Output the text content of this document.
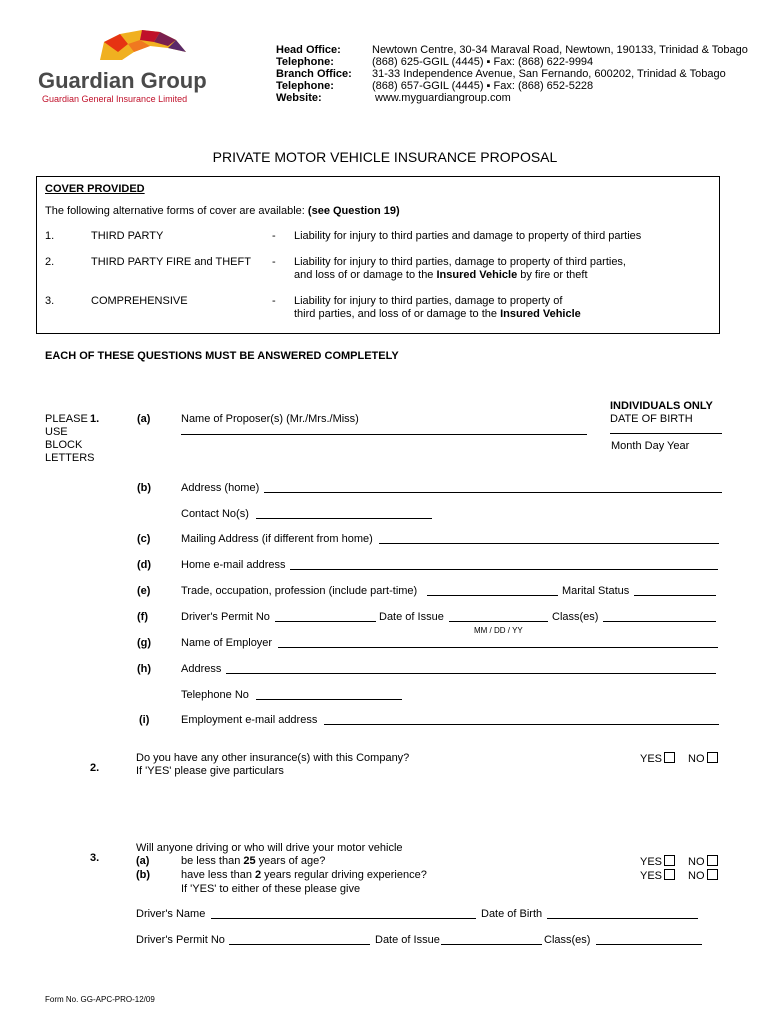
Guardian Group
Guardian General Insurance Limited
Head Office:	Newtown Centre, 30-34 Maraval Road, Newtown, 190133, Trinidad & Tobago
Telephone:	(868) 625-GGIL (4445) ▪ Fax: (868) 622-9994
Branch Office: 31-33 Independence Avenue, San Fernando, 600202, Trinidad & Tobago
Telephone:	(868) 657-GGIL (4445) ▪ Fax: (868) 652-5228
Website:	www.myguardiangroup.com
PRIVATE MOTOR VEHICLE INSURANCE PROPOSAL
COVER PROVIDED
The following alternative forms of cover are available: (see Question 19)
1.	THIRD PARTY	- Liability for injury to third parties and damage to property of third parties
2.	THIRD PARTY FIRE and THEFT - Liability for injury to third parties, damage to property of third parties,
and loss of or damage to the Insured Vehicle by fire or theft
3.	COMPREHENSIVE	- Liability for injury to third parties, damage to property of
third parties, and loss of or damage to the Insured Vehicle
EACH OF THESE QUESTIONS MUST BE ANSWERED COMPLETELY
INDIVIDUALS ONLY
DATE OF BIRTH
Month Day Year
PLEASE
USE
BLOCK
LETTERS
1.	(a)	Name of Proposer(s) (Mr./Mrs./Miss)
(b)	Address (home)
Contact No(s)
(c)	Mailing Address (if different from home)
(d)	Home e-mail address
(e)	Trade, occupation, profession (include part-time)	Marital Status
(f)	Driver's Permit No	Date of Issue	Class(es)
MM / DD / YY
(g)	Name of Employer
(h)	Address
Telephone No
(i)	Employment e-mail address
2.
Do you have any other insurance(s) with this Company?
If 'YES' please give particulars
YES	NO
3.
Will anyone driving or who will drive your motor vehicle
(a)	be less than 25 years of age?
(b)	have less than 2 years regular driving experience?
If 'YES' to either of these please give
YES	NO
YES	NO
Driver's Name	Date of Birth
Driver's Permit No	Date of Issue	Class(es)
Form No. GG-APC-PRO-12/09
